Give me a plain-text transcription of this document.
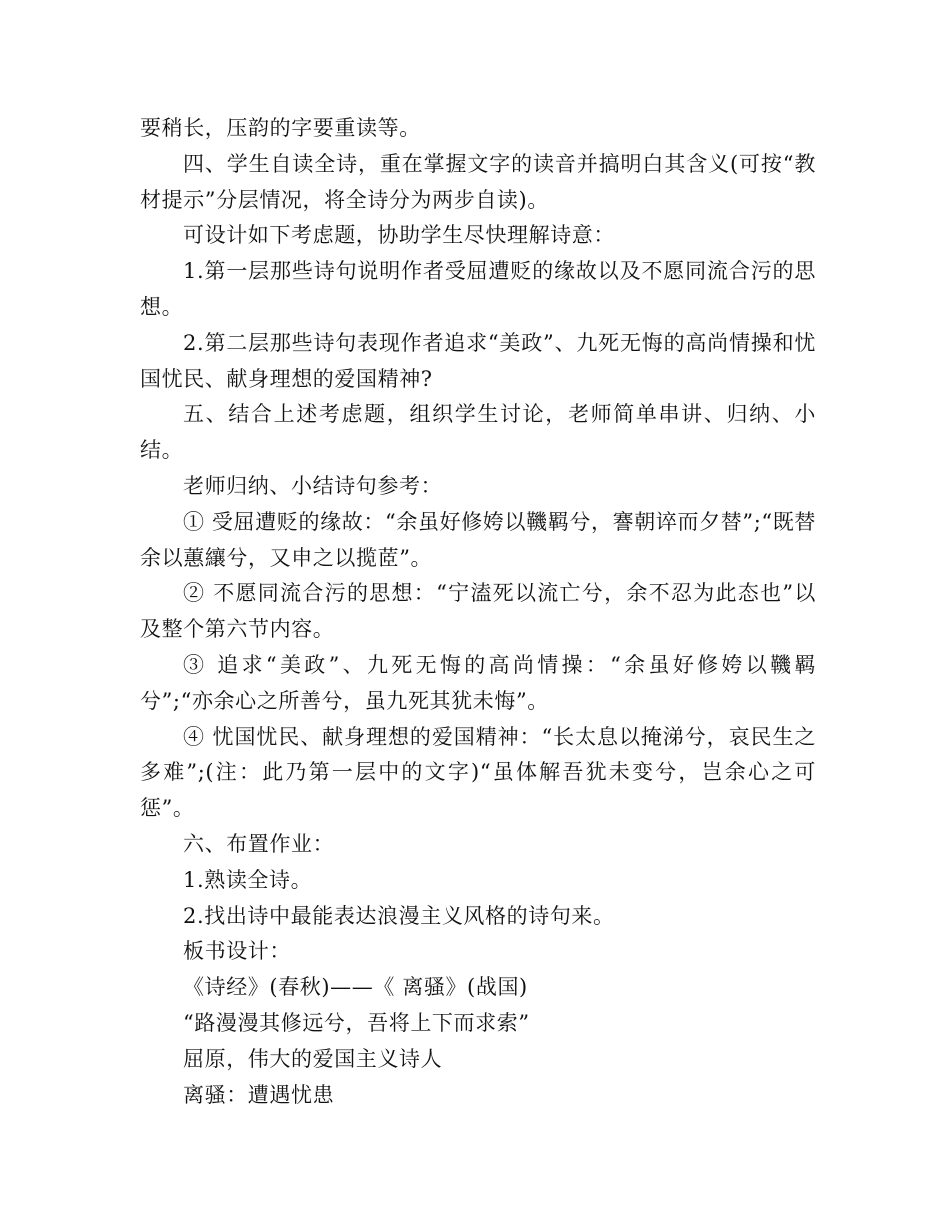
要稍长，压韵的字要重读等。

四、学生自读全诗，重在掌握文字的读音并搞明白其含义(可按“教材提示”分层情况，将全诗分为两步自读)。

可设计如下考虑题，协助学生尽快理解诗意：

1.第一层那些诗句说明作者受屈遭贬的缘故以及不愿同流合污的思想。

2.第二层那些诗句表现作者追求“美政”、九死无悔的高尚情操和忧国忧民、献身理想的爱国精神?

五、结合上述考虑题，组织学生讨论，老师简单串讲、归纳、小结。

老师归纳、小结诗句参考：

① 受屈遭贬的缘故：“余虽好修姱以鞿羁兮，謇朝谇而夕替”;“既替余以蕙纕兮，又申之以揽茝”。

② 不愿同流合污的思想：“宁溘死以流亡兮，余不忍为此态也”以及整个第六节内容。

③ 追求“美政”、九死无悔的高尚情操：“余虽好修姱以鞿羁兮”;“亦余心之所善兮，虽九死其犹未悔”。

④ 忧国忧民、献身理想的爱国精神：“长太息以掩涕兮，哀民生之多难”;(注：此乃第一层中的文字)“虽体解吾犹未变兮，岂余心之可惩”。

六、布置作业：

1.熟读全诗。

2.找出诗中最能表达浪漫主义风格的诗句来。

板书设计：

《诗经》(春秋)——《 离骚》(战国)

“路漫漫其修远兮，吾将上下而求索”

屈原，伟大的爱国主义诗人

离骚：遭遇忧患
